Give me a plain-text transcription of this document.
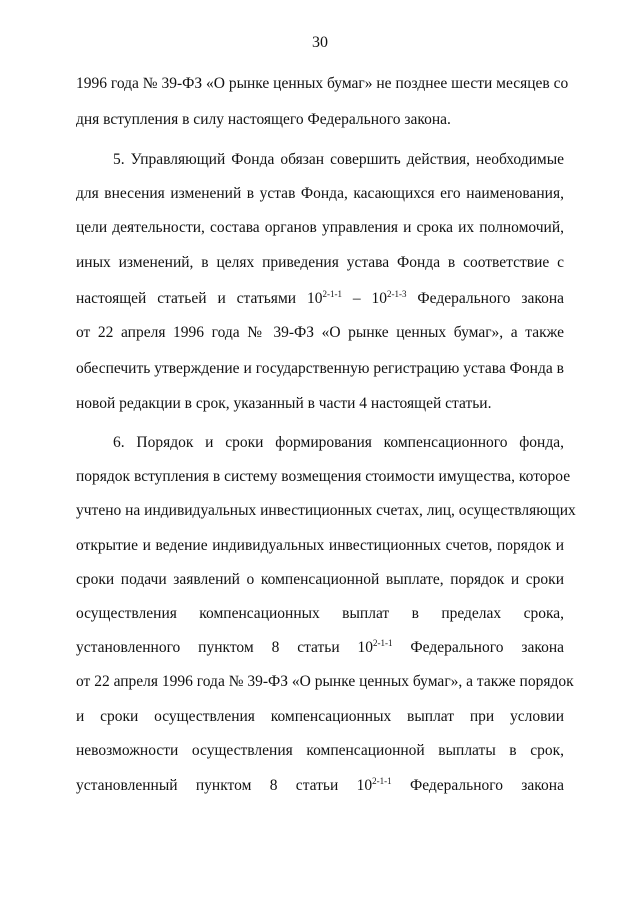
30
1996 года № 39-ФЗ «О рынке ценных бумаг» не позднее шести месяцев со
дня вступления в силу настоящего Федерального закона.
5. Управляющий Фонда обязан совершить действия, необходимые
для внесения изменений в устав Фонда, касающихся его наименования,
цели деятельности, состава органов управления и срока их полномочий,
иных изменений, в целях приведения устава Фонда в соответствие с
настоящей статьей и статьями 10$^{2-1-1}$ – 10$^{2-1-3}$ Федерального закона
от 22 апреля 1996 года № 39-ФЗ «О рынке ценных бумаг», а также
обеспечить утверждение и государственную регистрацию устава Фонда в
новой редакции в срок, указанный в части 4 настоящей статьи.
6. Порядок и сроки формирования компенсационного фонда,
порядок вступления в систему возмещения стоимости имущества, которое
учтено на индивидуальных инвестиционных счетах, лиц, осуществляющих
открытие и ведение индивидуальных инвестиционных счетов, порядок и
сроки подачи заявлений о компенсационной выплате, порядок и сроки
осуществления компенсационных выплат в пределах срока,
установленного пунктом 8 статьи 10$^{2-1-1}$ Федерального закона
от 22 апреля 1996 года № 39-ФЗ «О рынке ценных бумаг», а также порядок
и сроки осуществления компенсационных выплат при условии
невозможности осуществления компенсационной выплаты в срок,
установленный пунктом 8 статьи 10$^{2-1-1}$ Федерального закона
